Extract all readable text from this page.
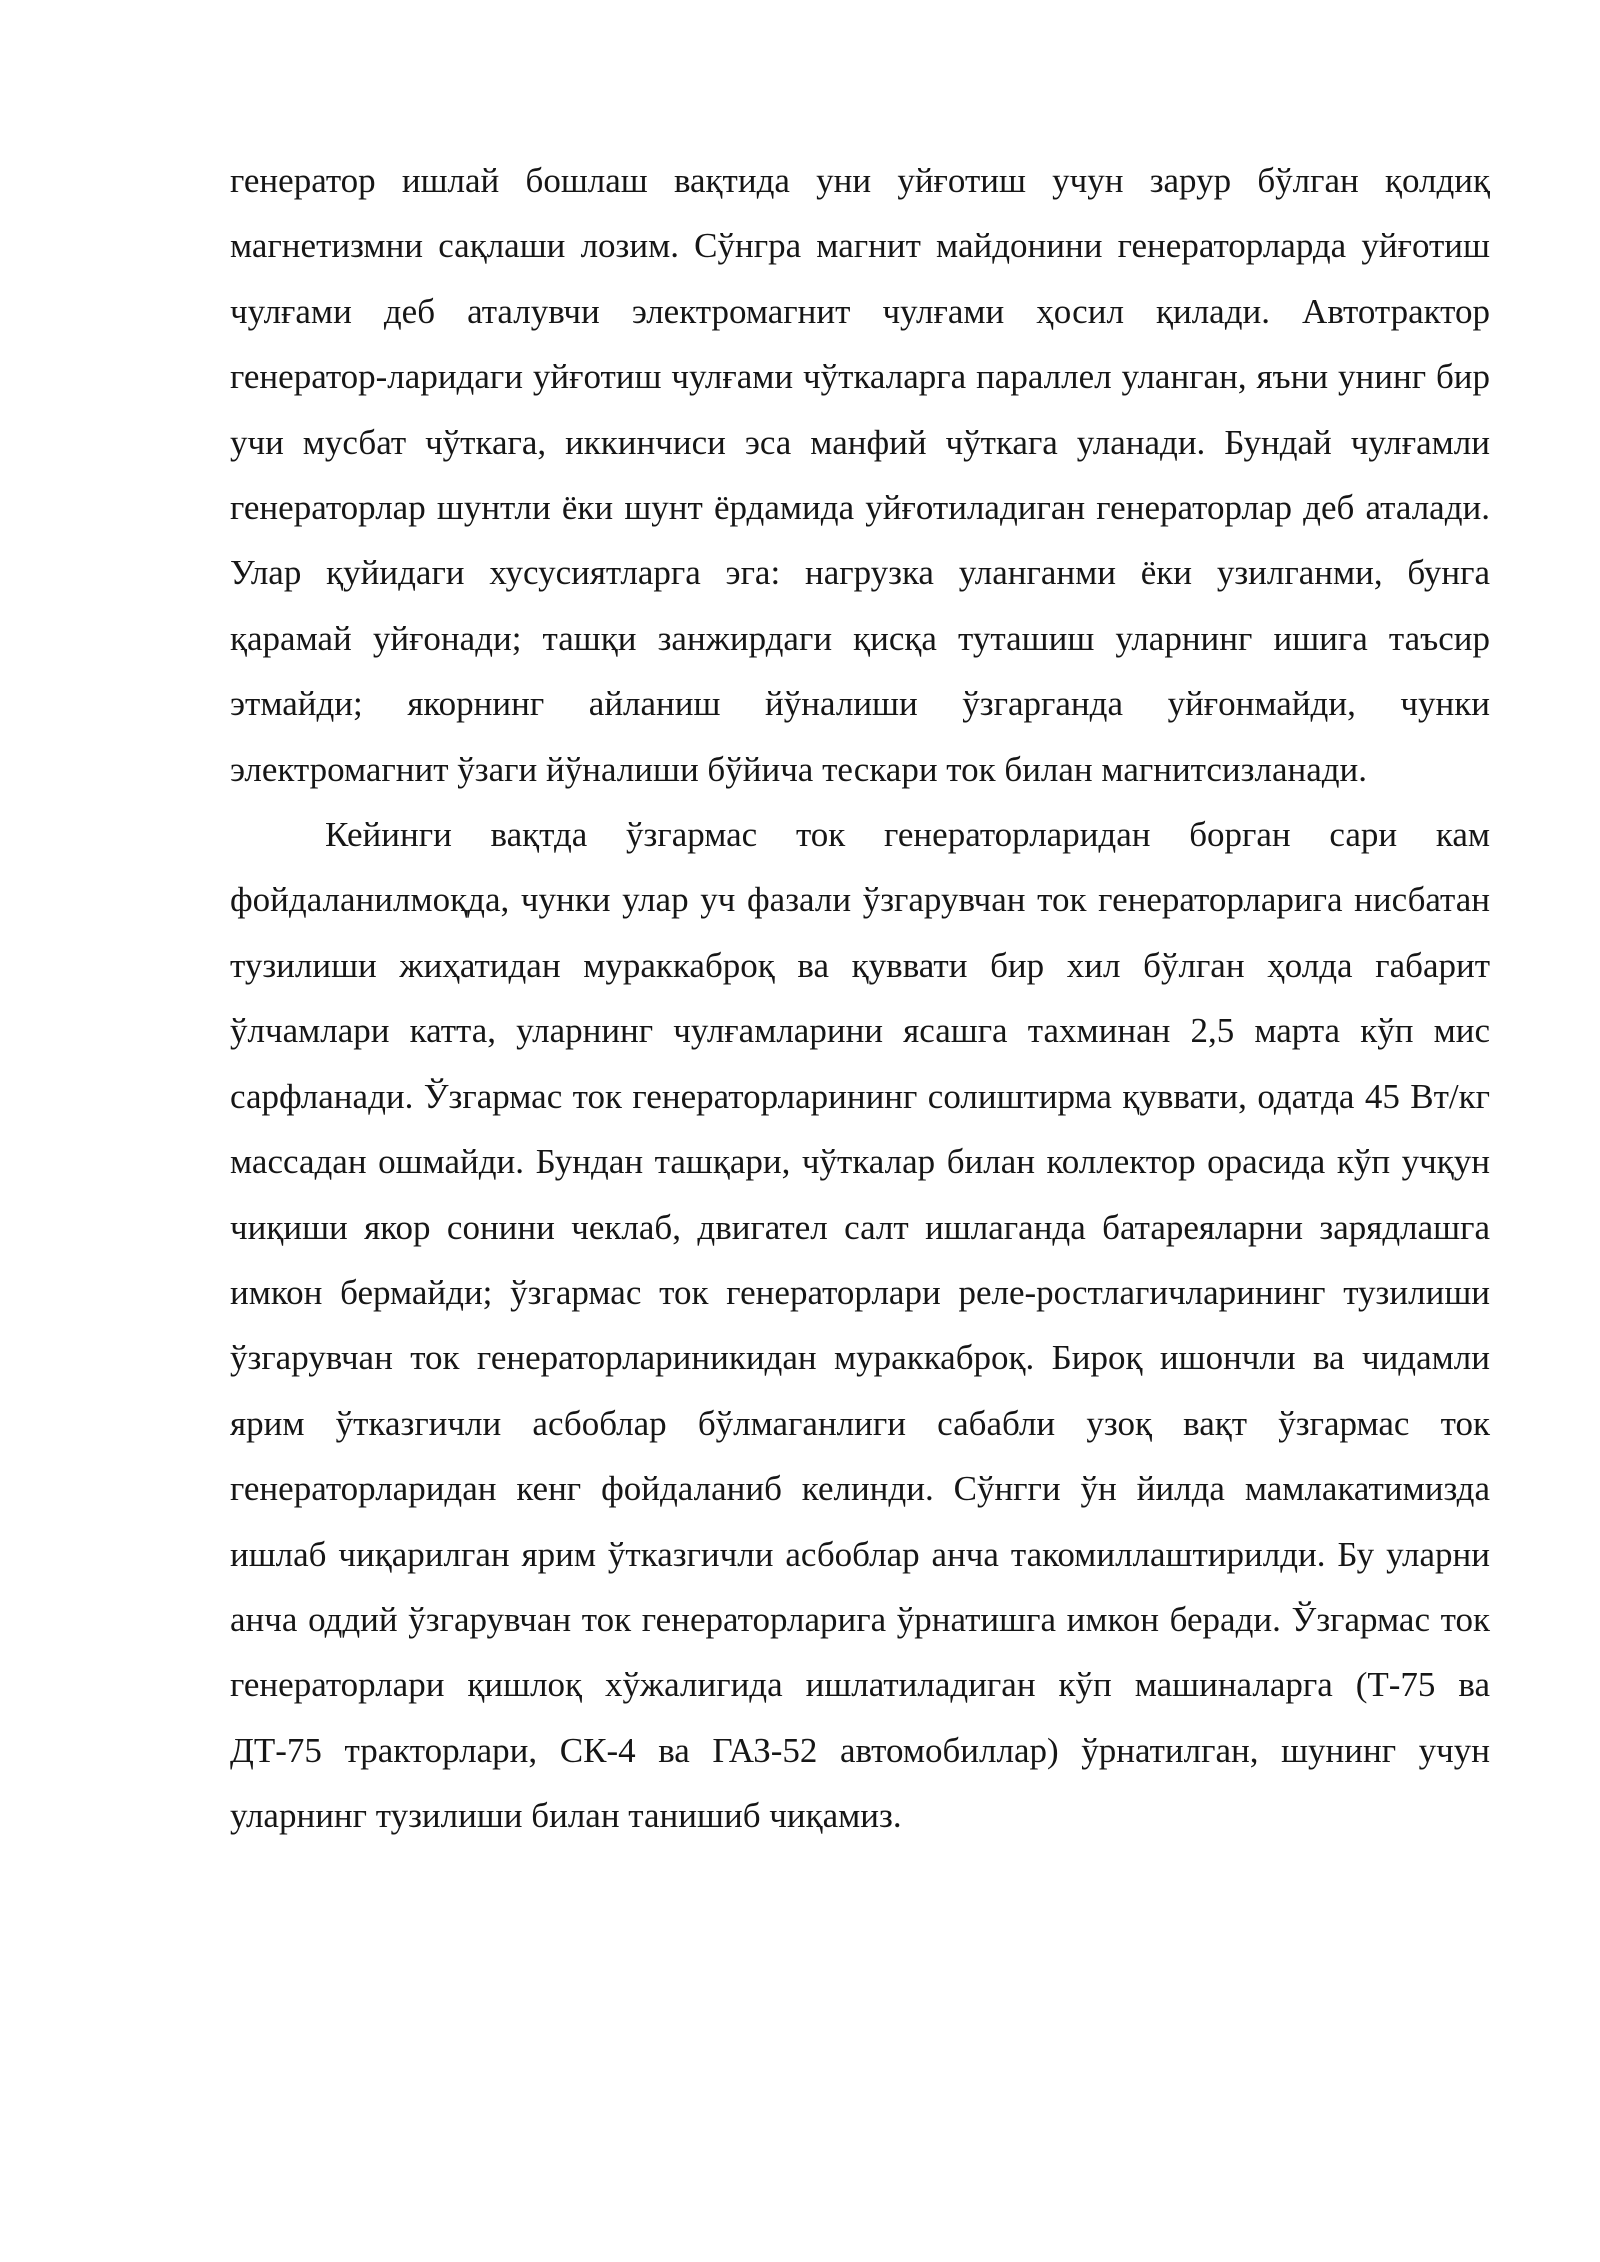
генератор ишлай бошлаш вақтида уни уйғотиш учун зарур бўлган қолдиқ магнетизмни сақлаши лозим. Сўнгра магнит майдонини генераторларда уйғотиш чулғами деб аталувчи электромагнит чулғами ҳосил қилади. Автотрактор генератор-ларидаги уйғотиш чулғами чўткаларга параллел уланган, яъни унинг бир учи мусбат чўткага, иккинчиси эса манфий чўткага уланади. Бундай чулғамли генераторлар шунтли ёки шунт ёрдамида уйғотиладиган генераторлар деб аталади. Улар қуйидаги хусусиятларга эга: нагрузка уланганми ёки узилганми, бунга қарамай уйғонади; ташқи занжирдаги қисқа туташиш уларнинг ишига таъсир этмайди; якорнинг айланиш йўналиши ўзгарганда уйғонмайди, чунки электромагнит ўзаги йўналиши бўйича тескари ток билан магнитсизланади.

Кейинги вақтда ўзгармас ток генераторларидан борган сари кам фойдаланилмоқда, чунки улар уч фазали ўзгарувчан ток генераторларига нисбатан тузилиши жиҳатидан мураккаброқ ва қуввати бир хил бўлган ҳолда габарит ўлчамлари катта, уларнинг чулғамларини ясашга тахминан 2,5 марта кўп мис сарфланади. Ўзгармас ток генераторларининг солиштирма қуввати, одатда 45 Вт/кг массадан ошмайди. Бундан ташқари, чўткалар билан коллектор орасида кўп учқун чиқиши якор сонини чеклаб, двигател салт ишлаганда батареяларни зарядлашга имкон бермайди; ўзгармас ток генераторлари реле-ростлагичларининг тузилиши ўзгарувчан ток генераторлариникидан мураккаброқ. Бироқ ишончли ва чидамли ярим ўтказгичли асбоблар бўлмаганлиги сабабли узоқ вақт ўзгармас ток генераторларидан кенг фойдаланиб келинди. Сўнгги ўн йилда мамлакатимизда ишлаб чиқарилган ярим ўтказгичли асбоблар анча такомиллаштирилди. Бу уларни анча оддий ўзгарувчан ток генераторларига ўрнатишга имкон беради. Ўзгармас ток генераторлари қишлоқ хўжалигида ишлатиладиган кўп машиналарга (Т-75 ва ДТ-75 тракторлари, СК-4 ва ГАЗ-52 автомобиллар) ўрнатилган, шунинг учун уларнинг тузилиши билан танишиб чиқамиз.
